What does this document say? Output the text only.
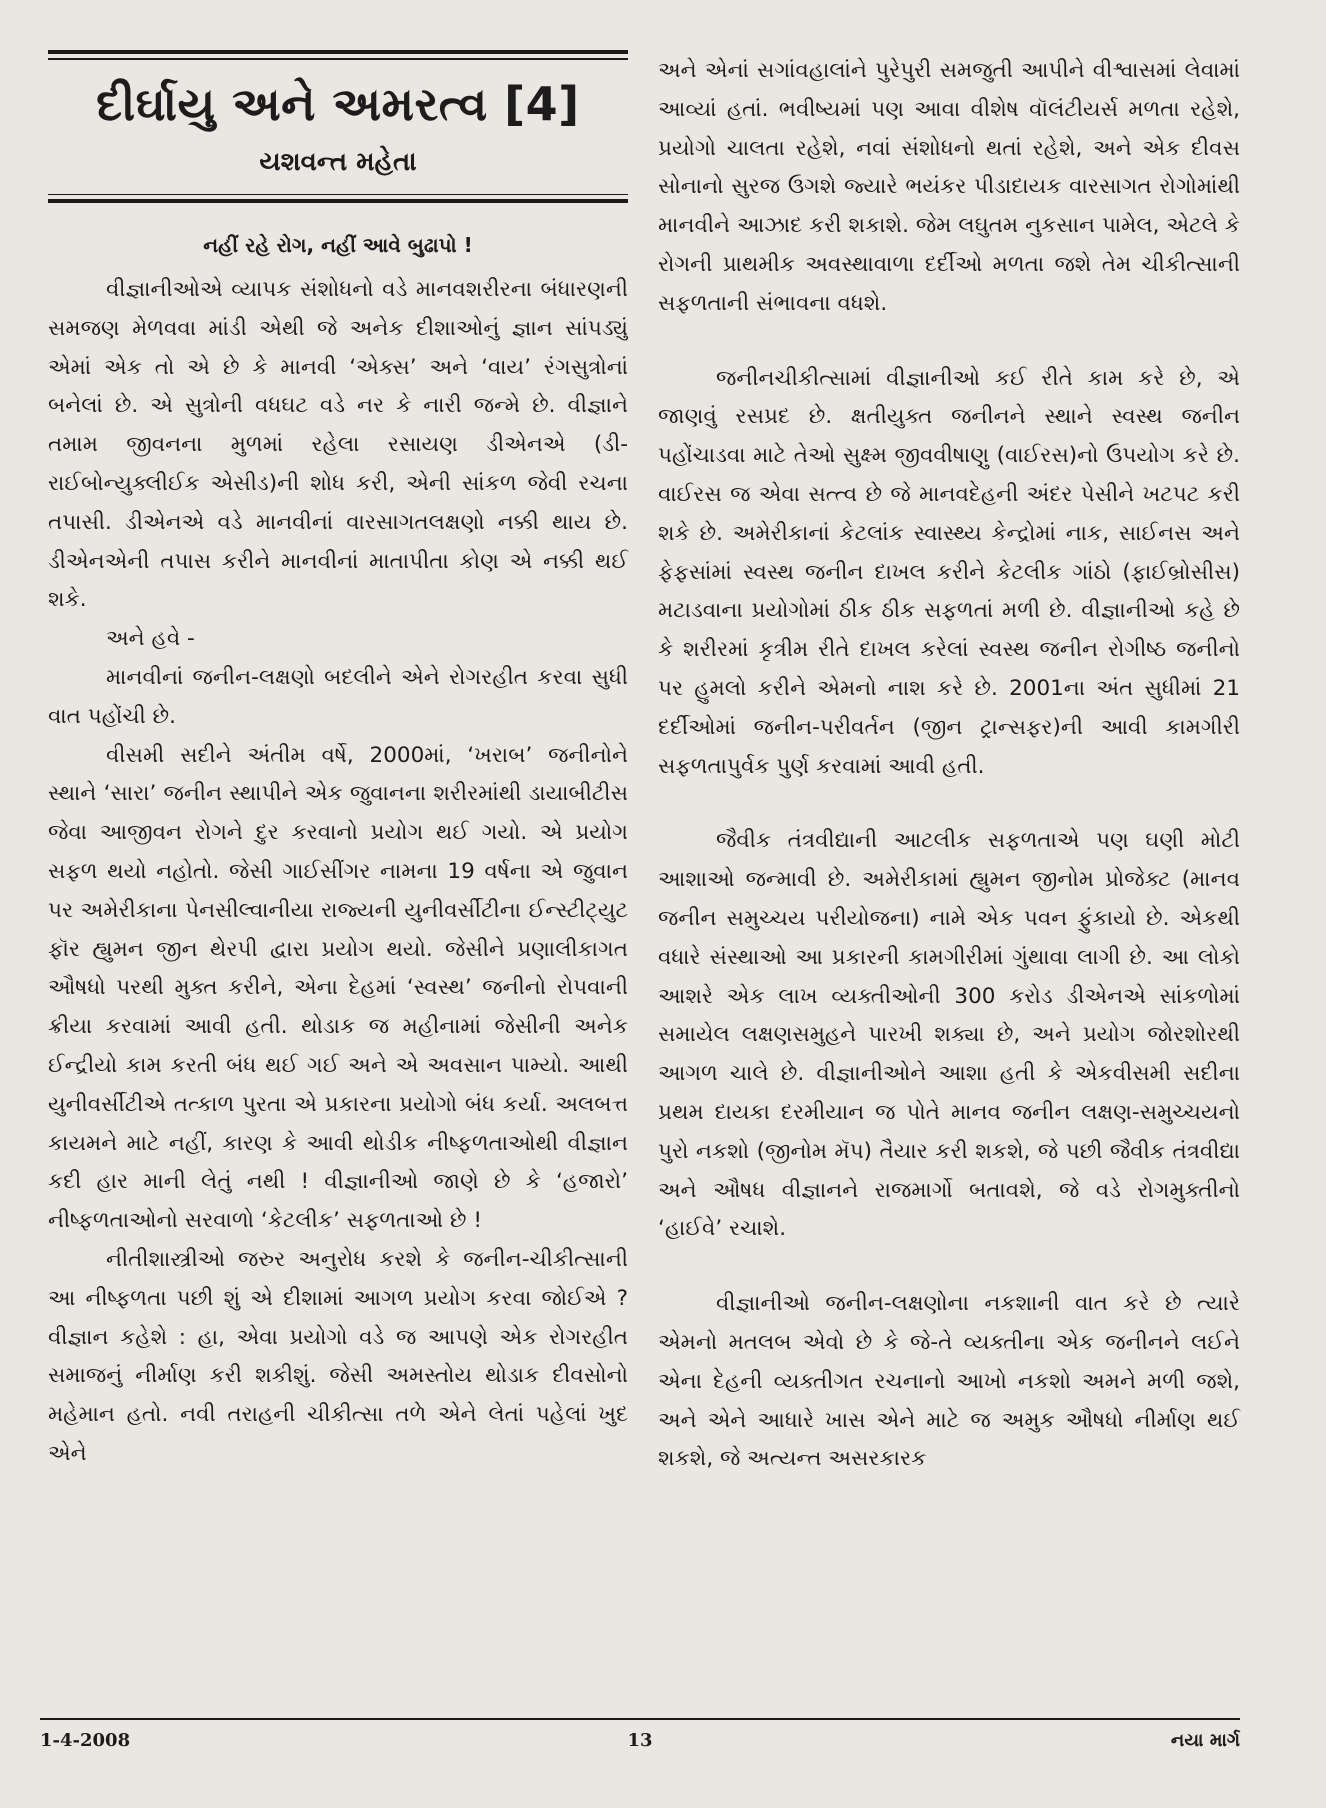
દીર્ઘાયુ અને અમરત્વ [4]
યશવન્ત મહેતા
નહીં રહે રોગ, નહીં આવે બુઢાપો !

વીજ્ઞાનીઓએ વ્યાપક સંશોધનો વડે માનવશરીરના બંધારણની સમજણ મેળવવા માંડી એથી જે અનેક દીશાઓનું જ્ઞાન સાંપડ્યું એમાં એક તો એ છે કે માનવી ‘એક્સ’ અને ‘વાય’ રંગસુત્રોનાં બનેલાં છે. એ સુત્રોની વધઘટ વડે નર કે નારી જન્મે છે. વીજ્ઞાને તમામ જીવનના મુળમાં રહેલા રસાયણ ડીએનએ (ડી-રાઈબોન્યુક્લીઈક એસીડ)ની શોધ કરી, એની સાંકળ જેવી રચના તપાસી. ડીએનએ વડે માનવીનાં વારસાગતલક્ષણો નક્કી થાય છે. ડીએનએની તપાસ કરીને માનવીનાં માતાપીતા કોણ એ નક્કી થઈ શકે.

અને હવે -

માનવીનાં જનીન-લક્ષણો બદલીને એને રોગરહીત કરવા સુધી વાત પહોંચી છે.

વીસમી સદીને અંતીમ વર્ષે, 2000માં, ‘ખરાબ’ જનીનોને સ્થાને ‘સારા’ જનીન સ્થાપીને એક જુવાનના શરીરમાંથી ડાયાબીટીસ જેવા આજીવન રોગને દુર કરવાનો પ્રયોગ થઈ ગયો. એ પ્રયોગ સફળ થયો નહોતો. જેસી ગાઈસીંગર નામના 19 વર્ષના એ જુવાન પર અમેરીકાના પેનસીલ્વાનીયા રાજ્યની યુનીવર્સીટીના ઈન્સ્ટીટ્યુટ ફૉર હ્યુમન જીન થેરપી દ્વારા પ્રયોગ થયો. જેસીને પ્રણાલીકાગત ઔષધો પરથી મુક્ત કરીને, એના દેહમાં ‘સ્વસ્થ’ જનીનો રોપવાની ક્રીયા કરવામાં આવી હતી. થોડાક જ મહીનામાં જેસીની અનેક ઈન્દ્રીયો કામ કરતી બંધ થઈ ગઈ અને એ અવસાન પામ્યો. આથી યુનીવર્સીટીએ તત્કાળ પુરતા એ પ્રકારના પ્રયોગો બંધ કર્યા. અલબત્ત કાયમને માટે નહીં, કારણ કે આવી થોડીક નીષ્ફળતાઓથી વીજ્ઞાન કદી હાર માની લેતું નથી ! વીજ્ઞાનીઓ જાણે છે કે ‘હજારો’ નીષ્ફળતાઓનો સરવાળો ‘કેટલીક’ સફળતાઓ છે !

નીતીશાસ્ત્રીઓ જરુર અનુરોધ કરશે કે જનીન-ચીકીત્સાની આ નીષ્ફળતા પછી શું એ દીશામાં આગળ પ્રયોગ કરવા જોઈએ ? વીજ્ઞાન કહેશે : હા, એવા પ્રયોગો વડે જ આપણે એક રોગરહીત સમાજનું નીર્માણ કરી શકીશું. જેસી અમસ્તોય થોડાક દીવસોનો મહેમાન હતો. નવી તરાહની ચીકીત્સા તળે એને લેતાં પહેલાં ખુદ એને

અને એનાં સગાંવહાલાંને પુરેપુરી સમજુતી આપીને વીશ્વાસમાં લેવામાં આવ્યાં હતાં. ભવીષ્યમાં પણ આવા વીશેષ વૉલંટીયર્સ મળતા રહેશે, પ્રયોગો ચાલતા રહેશે, નવાં સંશોધનો થતાં રહેશે, અને એક દીવસ સોનાનો સુરજ ઉગશે જ્યારે ભયંકર પીડાદાયક વારસાગત રોગોમાંથી માનવીને આઝાદ કરી શકાશે. જેમ લઘુતમ નુકસાન પામેલ, એટલે કે રોગની પ્રાથમીક અવસ્થાવાળા દર્દીઓ મળતા જશે તેમ ચીકીત્સાની સફળતાની સંભાવના વધશે.

જનીનચીકીત્સામાં વીજ્ઞાનીઓ કઈ રીતે કામ કરે છે, એ જાણવું રસપ્રદ છે. ક્ષતીયુક્ત જનીનને સ્થાને સ્વસ્થ જનીન પહોંચાડવા માટે તેઓ સુક્ષ્મ જીવવીષાણુ (વાઈરસ)નો ઉપયોગ કરે છે. વાઈરસ જ એવા સત્ત્વ છે જે માનવદેહની અંદર પેસીને ખટપટ કરી શકે છે. અમેરીકાનાં કેટલાંક સ્વાસ્થ્ય કેન્દ્રોમાં નાક, સાઈનસ અને ફેફસાંમાં સ્વસ્થ જનીન દાખલ કરીને કેટલીક ગાંઠો (ફાઈબ્રોસીસ) મટાડવાના પ્રયોગોમાં ઠીક ઠીક સફળતાં મળી છે. વીજ્ઞાનીઓ કહે છે કે શરીરમાં કૃત્રીમ રીતે દાખલ કરેલાં સ્વસ્થ જનીન રોગીષ્ઠ જનીનો પર હુમલો કરીને એમનો નાશ કરે છે. 2001ના અંત સુધીમાં 21 દર્દીઓમાં જનીન-પરીવર્તન (જીન ટ્રાન્સફર)ની આવી કામગીરી સફળતાપુર્વક પુર્ણ કરવામાં આવી હતી.

જૈવીક તંત્રવીદ્યાની આટલીક સફળતાએ પણ ઘણી મોટી આશાઓ જન્માવી છે. અમેરીકામાં હ્યુમન જીનોમ પ્રોજેક્ટ (માનવ જનીન સમુચ્ચય પરીયોજના) નામે એક પવન ફુંકાયો છે. એકથી વધારે સંસ્થાઓ આ પ્રકારની કામગીરીમાં ગુંથાવા લાગી છે. આ લોકો આશરે એક લાખ વ્યક્તીઓની 300 કરોડ ડીએનએ સાંકળોમાં સમાયેલ લક્ષણસમુહને પારખી શક્યા છે, અને પ્રયોગ જોરશોરથી આગળ ચાલે છે. વીજ્ઞાનીઓને આશા હતી કે એકવીસમી સદીના પ્રથમ દાયકા દરમીયાન જ પોતે માનવ જનીન લક્ષણ-સમુચ્ચયનો પુરો નકશો (જીનોમ મૅપ) તૈયાર કરી શકશે, જે પછી જૈવીક તંત્રવીદ્યા અને ઔષધ વીજ્ઞાનને રાજમાર્ગો બતાવશે, જે વડે રોગમુક્તીનો ‘હાઈવે’ રચાશે.

વીજ્ઞાનીઓ જનીન-લક્ષણોના નકશાની વાત કરે છે ત્યારે એમનો મતલબ એવો છે કે જે-તે વ્યક્તીના એક જનીનને લઈને એના દેહની વ્યક્તીગત રચનાનો આખો નકશો અમને મળી જશે, અને એને આધારે ખાસ એને માટે જ અમુક ઔષધો નીર્માણ થઈ શકશે, જે અત્યન્ત અસરકારક

1-4-2008	13	નયા માર્ગ
